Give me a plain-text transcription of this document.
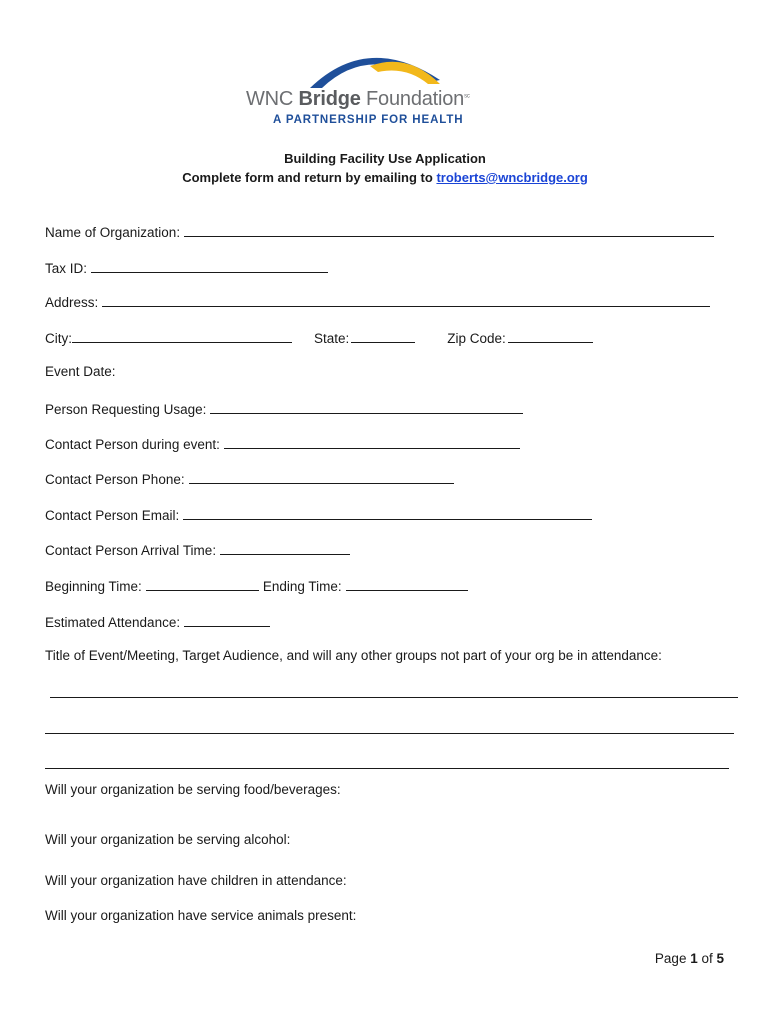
WNC Bridge Foundation$^{sc}$
A PARTNERSHIP FOR HEALTH
Building Facility Use Application
Complete form and return by emailing to troberts@wncbridge.org
Name of Organization:
Tax ID:
Address:
City:	State:	Zip Code:
Event Date:
Person Requesting Usage:
Contact Person during event:
Contact Person Phone:
Contact Person Email:
Contact Person Arrival Time:
Beginning Time:	Ending Time:
Estimated Attendance:
Title of Event/Meeting, Target Audience, and will any other groups not part of your org be in attendance:
Will your organization be serving food/beverages:
Will your organization be serving alcohol:
Will your organization have children in attendance:
Will your organization have service animals present:
Page 1 of 5
